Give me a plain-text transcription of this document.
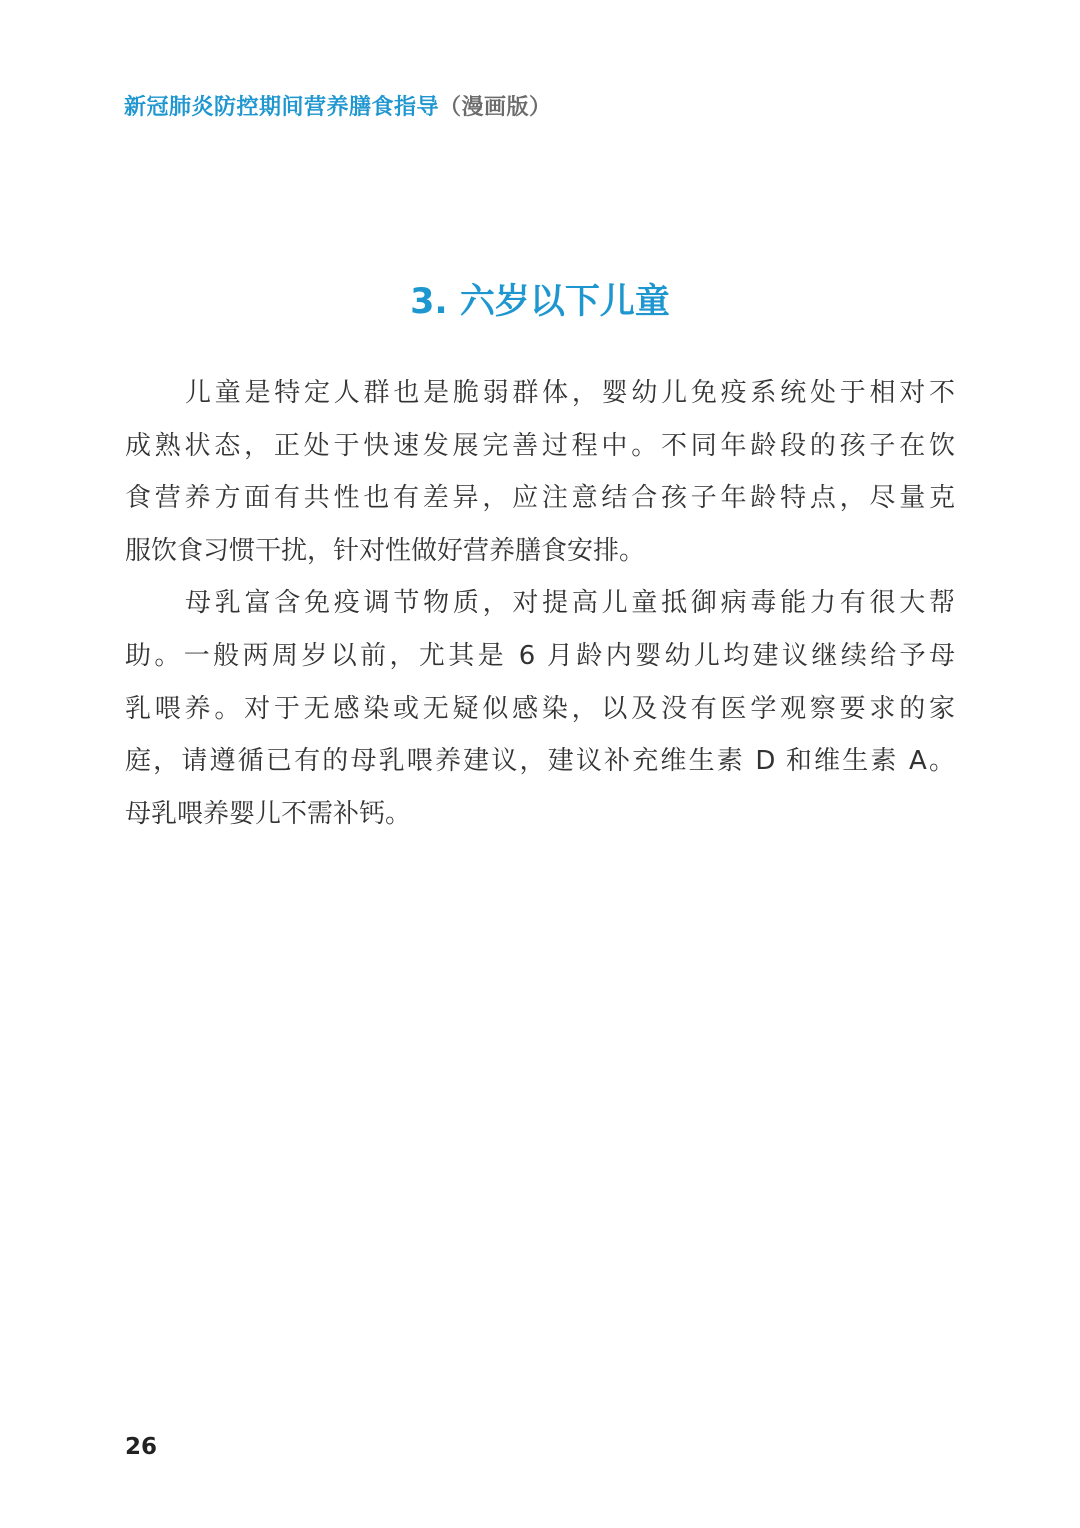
新冠肺炎防控期间营养膳食指导（漫画版）
3. 六岁以下儿童
儿童是特定人群也是脆弱群体，婴幼儿免疫系统处于相对不
成熟状态，正处于快速发展完善过程中。不同年龄段的孩子在饮
食营养方面有共性也有差异，应注意结合孩子年龄特点，尽量克
服饮食习惯干扰，针对性做好营养膳食安排。
母乳富含免疫调节物质，对提高儿童抵御病毒能力有很大帮
助。一般两周岁以前，尤其是 6 月龄内婴幼儿均建议继续给予母
乳喂养。对于无感染或无疑似感染，以及没有医学观察要求的家
庭，请遵循已有的母乳喂养建议，建议补充维生素 D 和维生素 A。
母乳喂养婴儿不需补钙。
26
